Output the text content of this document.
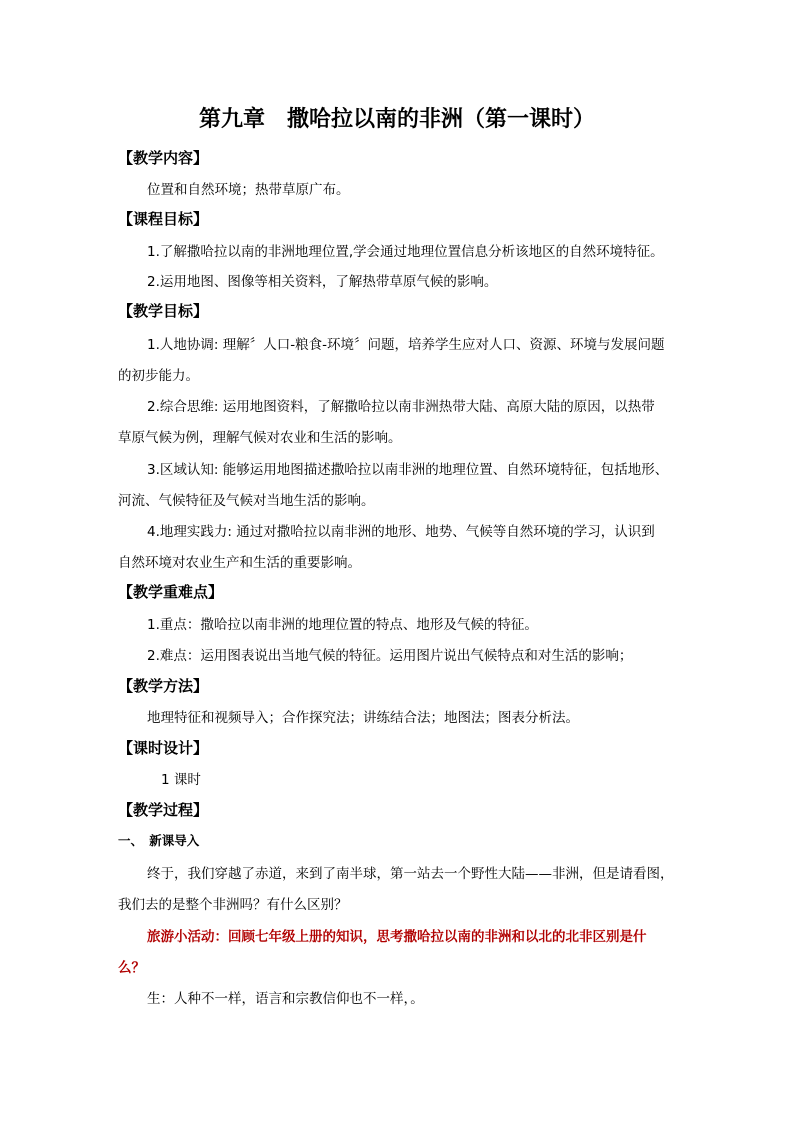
第九章　撒哈拉以南的非洲（第一课时）
【教学内容】
位置和自然环境；热带草原广布。
【课程目标】
1.了解撒哈拉以南的非洲地理位置,学会通过地理位置信息分析该地区的自然环境特征。
2.运用地图、图像等相关资料，了解热带草原气候的影响。
【教学目标】
1.人地协调: 理解〞人口-粮食-环境〞问题，培养学生应对人口、资源、环境与发展问题
的初步能力。
2.综合思维: 运用地图资料，了解撒哈拉以南非洲热带大陆、高原大陆的原因，以热带
草原气候为例，理解气候对农业和生活的影响。
3.区域认知: 能够运用地图描述撒哈拉以南非洲的地理位置、自然环境特征，包括地形、
河流、气候特征及气候对当地生活的影响。
4.地理实践力: 通过对撒哈拉以南非洲的地形、地势、气候等自然环境的学习，认识到
自然环境对农业生产和生活的重要影响。
【教学重难点】
1.重点：撒哈拉以南非洲的地理位置的特点、地形及气候的特征。
2.难点：运用图表说出当地气候的特征。运用图片说出气候特点和对生活的影响；
【教学方法】
地理特征和视频导入；合作探究法；讲练结合法；地图法；图表分析法。
【课时设计】
1 课时
【教学过程】
一、　新课导入
终于，我们穿越了赤道，来到了南半球，第一站去一个野性大陆——非洲，但是请看图，
我们去的是整个非洲吗？有什么区别？
旅游小活动：回顾七年级上册的知识，思考撒哈拉以南的非洲和以北的北非区别是什
么？
生：人种不一样，语言和宗教信仰也不一样，。
